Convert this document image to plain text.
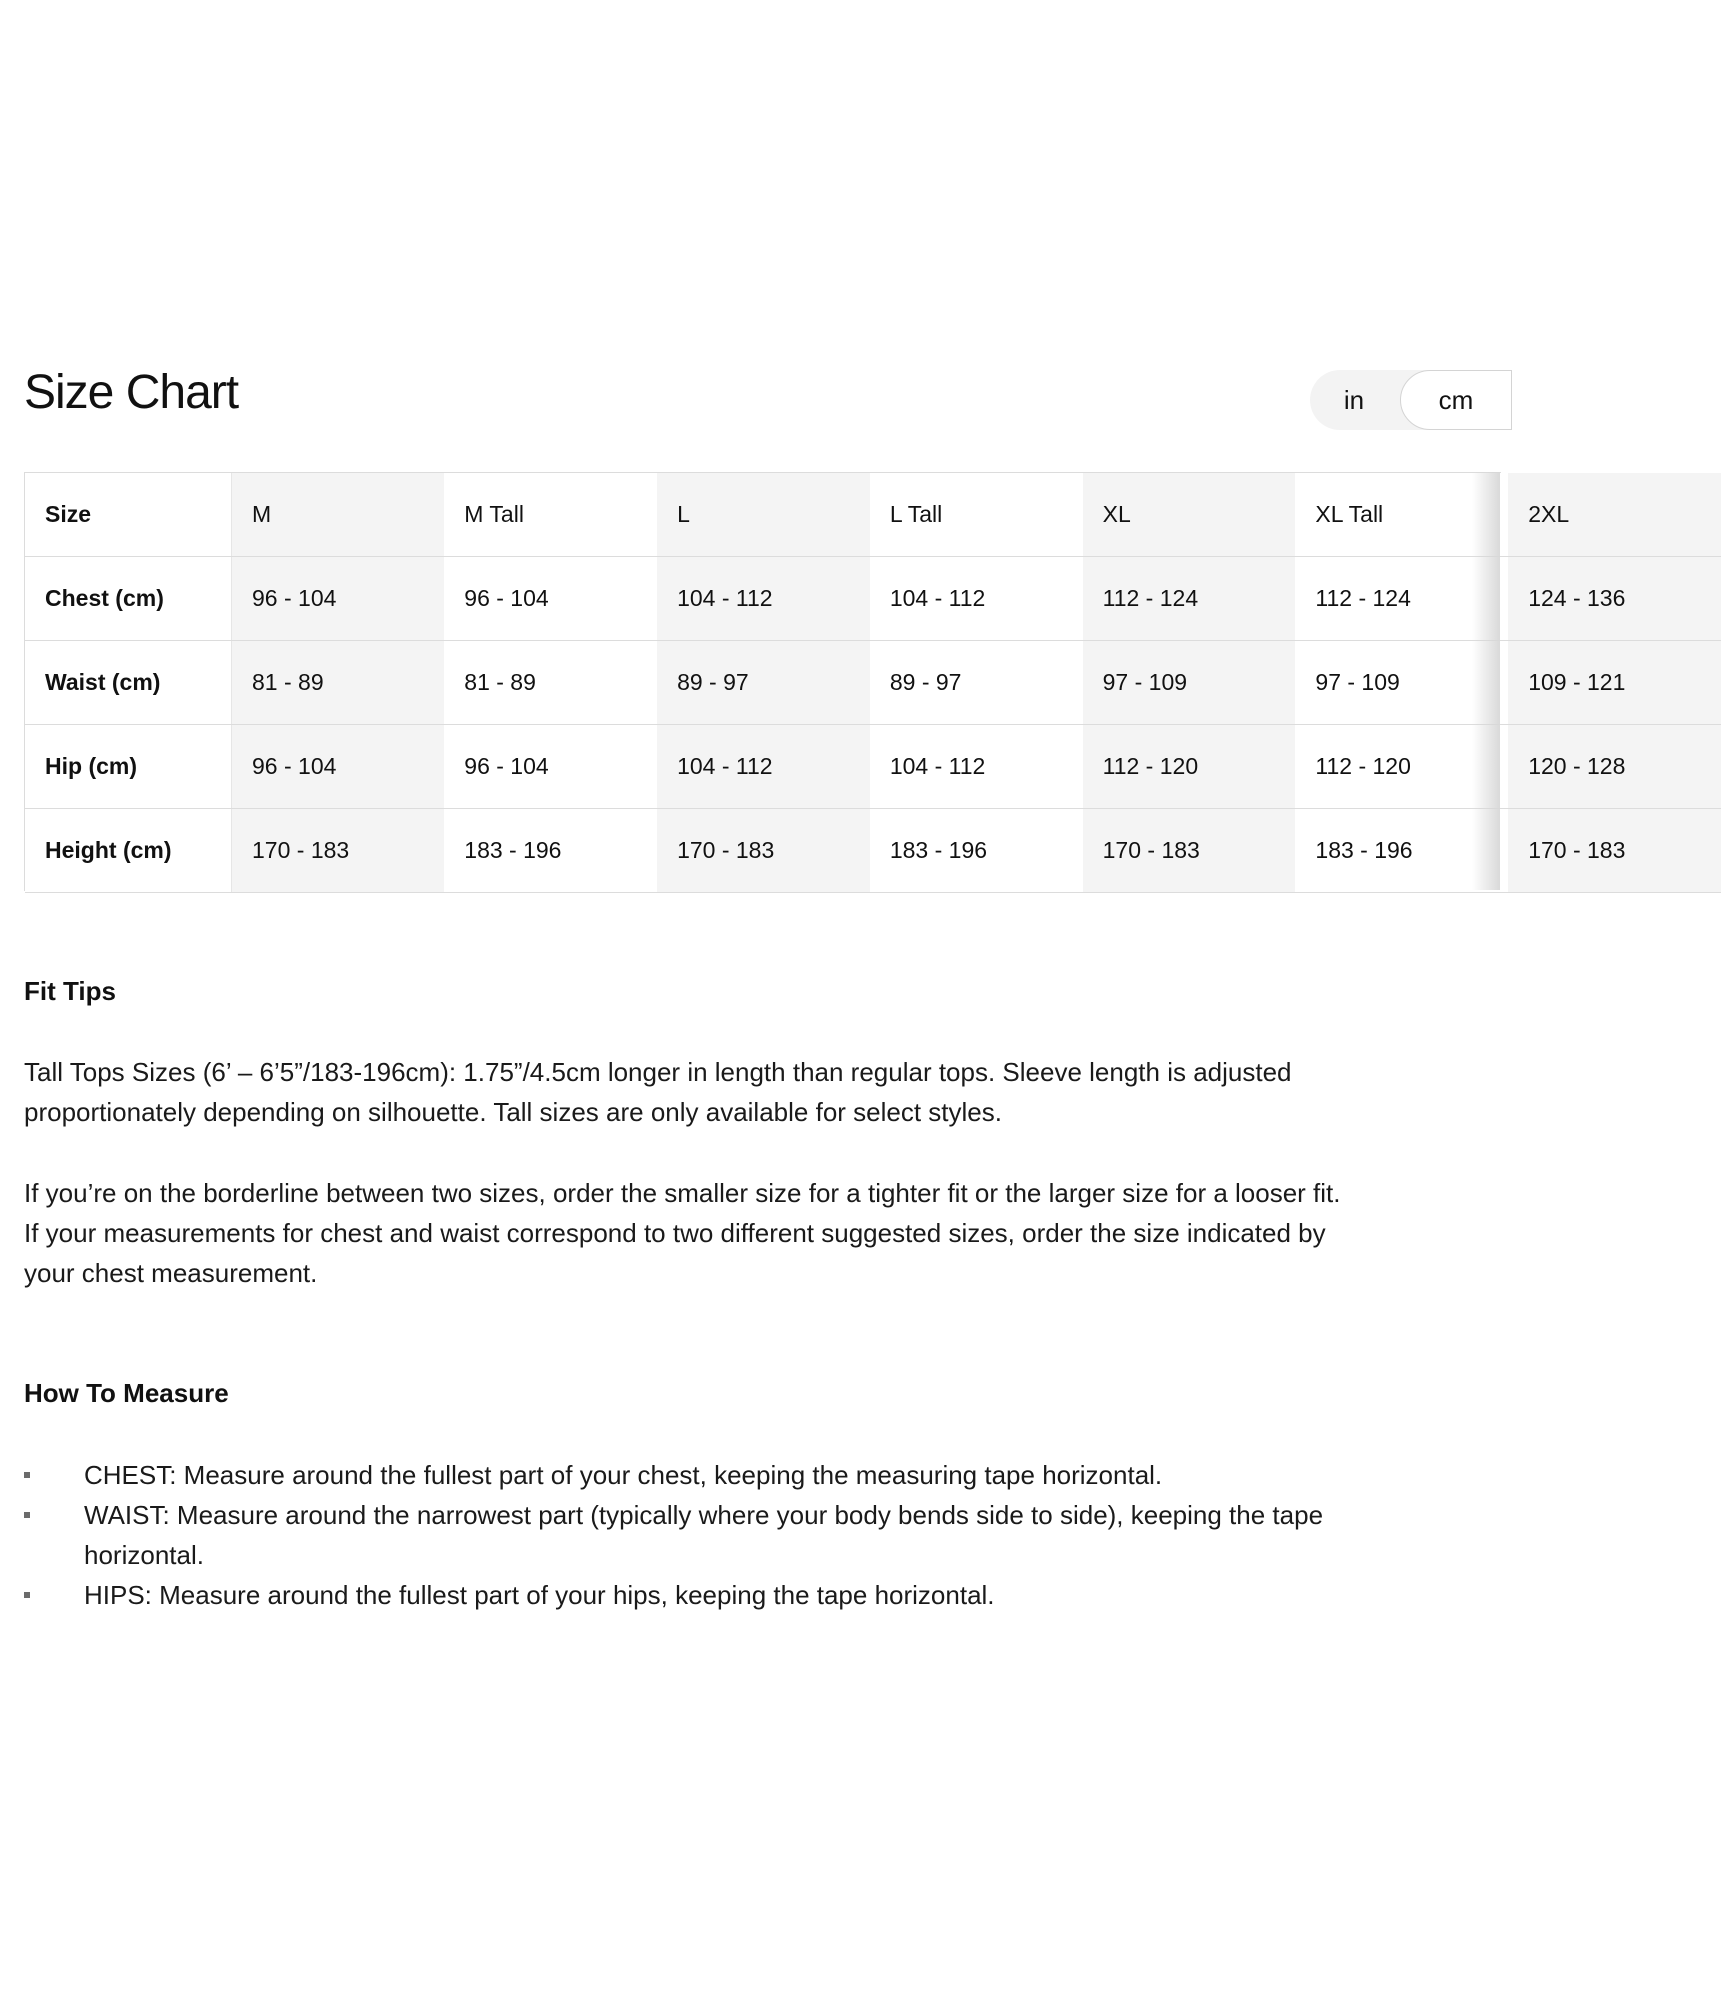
Size Chart	in	cm
Size	M	M Tall	L	L Tall	XL	XL Tall	2XL
Chest (cm)	96 - 104	96 - 104	104 - 112	104 - 112	112 - 124	112 - 124	124 - 136
Waist (cm)	81 - 89	81 - 89	89 - 97	89 - 97	97 - 109	97 - 109	109 - 121
Hip (cm)	96 - 104	96 - 104	104 - 112	104 - 112	112 - 120	112 - 120	120 - 128
Height (cm)	170 - 183	183 - 196	170 - 183	183 - 196	170 - 183	183 - 196	170 - 183
Fit Tips

Tall Tops Sizes (6’ – 6’5”/183-196cm): 1.75”/4.5cm longer in length than regular tops. Sleeve length is adjusted proportionately depending on silhouette. Tall sizes are only available for select styles.

If you’re on the borderline between two sizes, order the smaller size for a tighter fit or the larger size for a looser fit. If your measurements for chest and waist correspond to two different suggested sizes, order the size indicated by your chest measurement.

How To Measure
CHEST: Measure around the fullest part of your chest, keeping the measuring tape horizontal.
WAIST: Measure around the narrowest part (typically where your body bends side to side), keeping the tape horizontal.
HIPS: Measure around the fullest part of your hips, keeping the tape horizontal.
